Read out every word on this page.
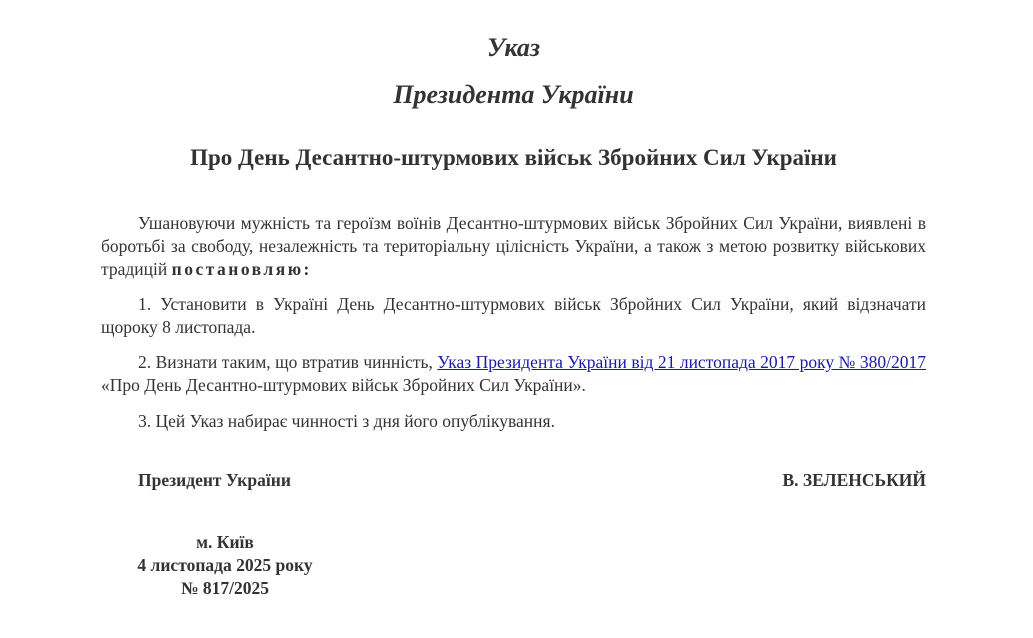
Указ
Президента України
Про День Десантно-штурмових військ Збройних Сил України

Ушановуючи мужність та героїзм воїнів Десантно-штурмових військ Збройних Сил України, виявлені в боротьбі за свободу, незалежність та територіальну цілісність України, а також з метою розвитку військових традицій постановляю:

1. Установити в Україні День Десантно-штурмових військ Збройних Сил України, який відзначати щороку 8 листопада.

2. Визнати таким, що втратив чинність, Указ Президента України від 21 листопада 2017 року № 380/2017 «Про День Десантно-штурмових військ Збройних Сил України».

3. Цей Указ набирає чинності з дня його опублікування.

Президент України	В. ЗЕЛЕНСЬКИЙ

м. Київ
4 листопада 2025 року
№ 817/2025
